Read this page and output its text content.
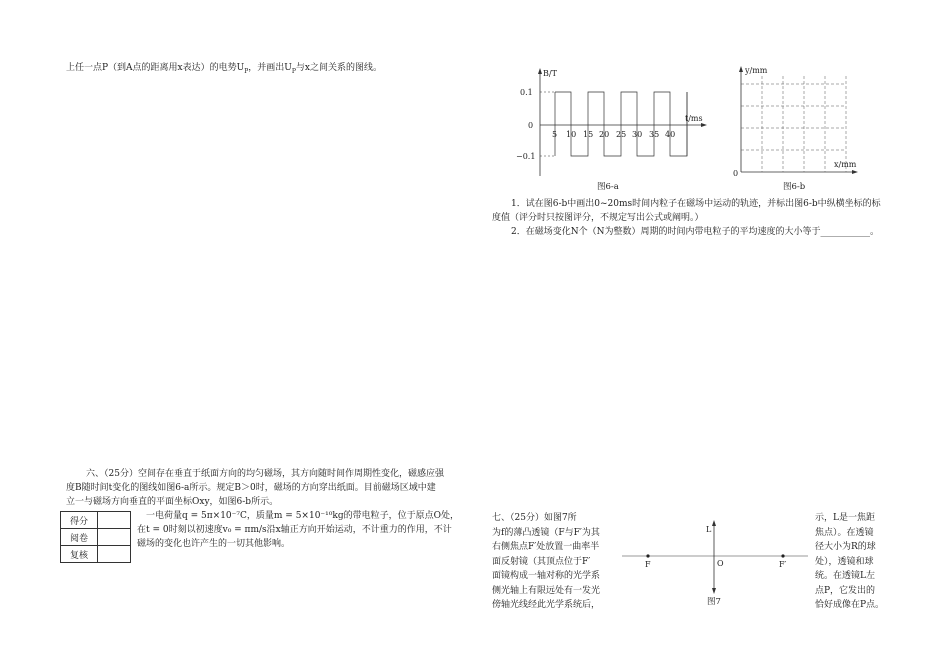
上任一点P（到A点的距离用x表达）的电势$U_P$，并画出$U_P$与x之间关系的图线。
六、（25分）空间存在垂直于纸面方向的均匀磁场，其方向随时间作周期性变化，磁感应强
度B随时间t变化的图线如图6-a所示。规定B＞0时，磁场的方向穿出纸面。目前磁场区域中建
立一与磁场方向垂直的平面坐标Oxy，如图6-b所示。
得分	
阅卷	
复核	
一电荷量q = 5π×10⁻⁷C，质量m = 5×10⁻¹⁰kg的带电粒子，位于原点O处，
在t = 0时刻以初速度v₀ = πm/s沿x轴正方向开始运动，不计重力的作用，不计
磁场的变化也许产生的一切其他影响。
B/T
t/ms
0.1
0
−0.1
5 10 15 20 25 30 35 40
图6-a
y/mm
x/mm
0
图6-b
1．试在图6-b中画出0~20ms时间内粒子在磁场中运动的轨迹，并标出图6-b中纵横坐标的标
度值（评分时只按图评分，不规定写出公式或阐明。）
2．在磁场变化N个（N为整数）周期的时间内带电粒子的平均速度的大小等于___________。
七、（25分）如图7所
为f的薄凸透镜（F与F′为其
右侧焦点F′处放置一曲率半
面反射镜（其顶点位于F′
面镜构成一轴对称的光学系
侧光轴上有限远处有一发光
傍轴光线经此光学系统后，
L
F	O	F′
图7
示，L是一焦距
焦点）。在透镜
径大小为R的球
处），透镜和球
统。在透镜L左
点P，它发出的
恰好成像在P点。
